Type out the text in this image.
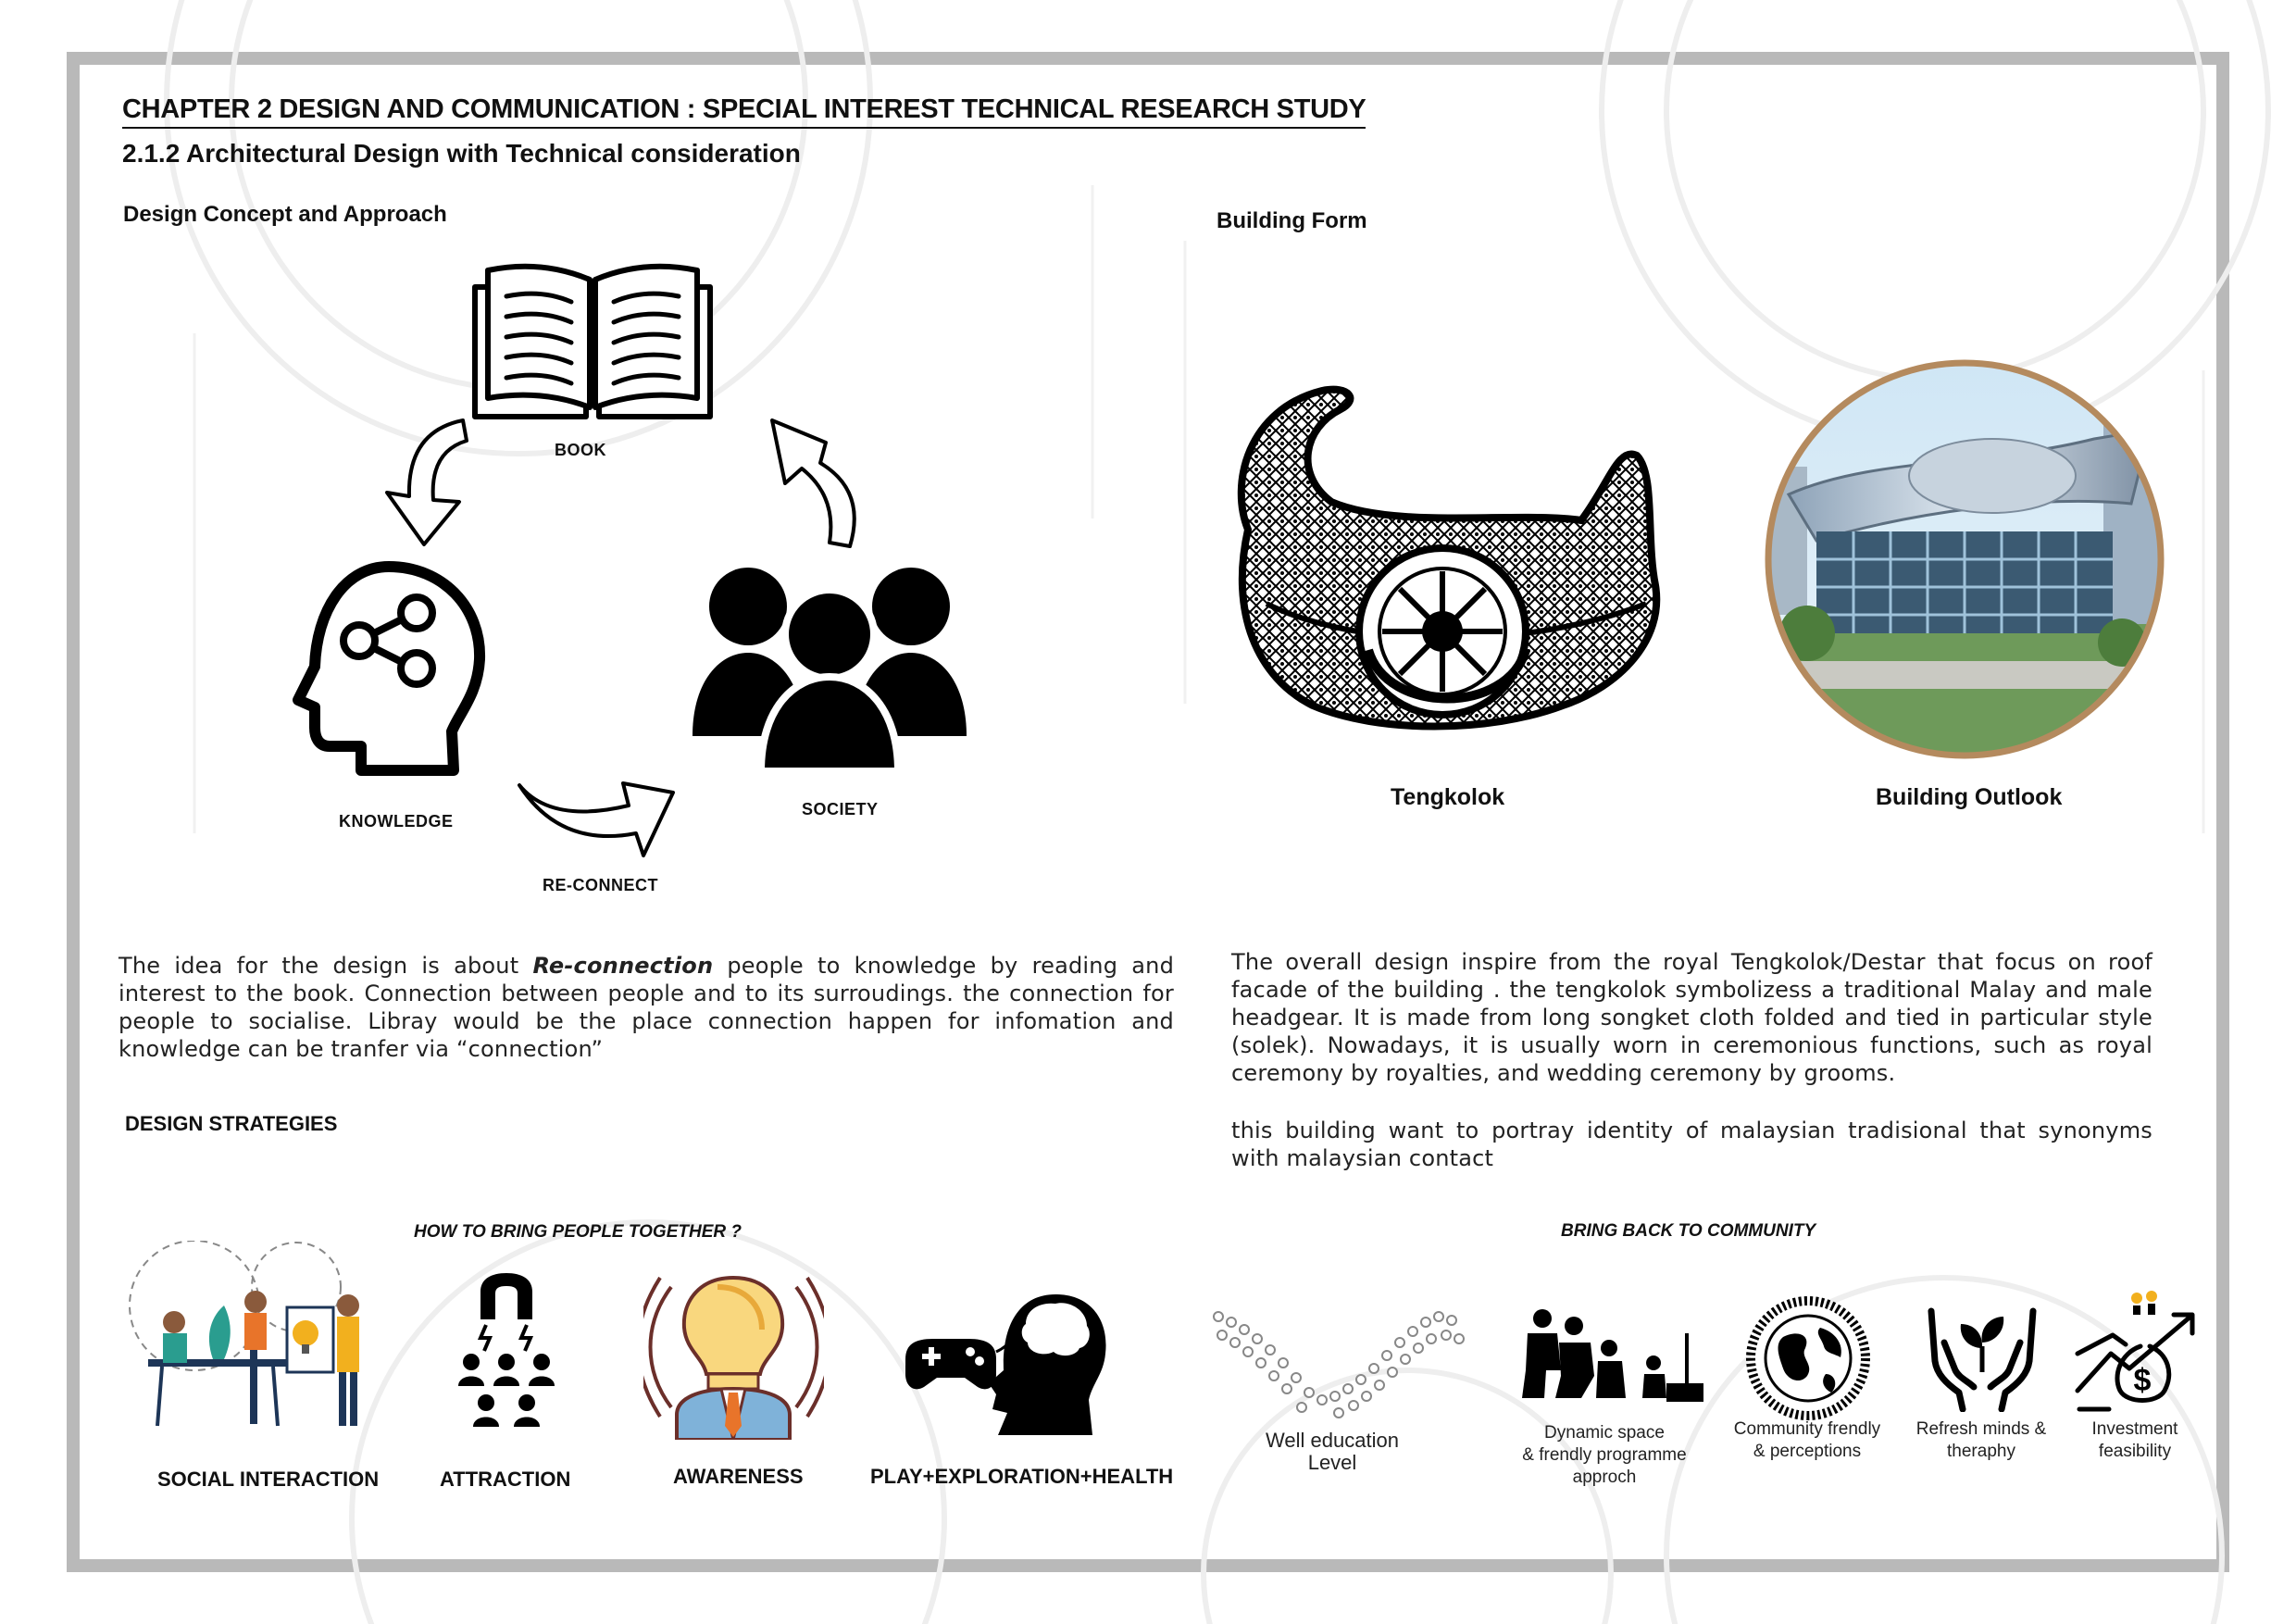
CHAPTER 2 DESIGN AND COMMUNICATION : SPECIAL INTEREST TECHNICAL RESEARCH STUDY
2.1.2 Architectural Design with Technical consideration
Design Concept and Approach
BOOK
KNOWLEDGE
SOCIETY
RE-CONNECT
The idea for the design is about Re-connection people to knowledge by reading and interest to the book. Connection between people and to its surroudings. the connection for people to socialise. Libray would be the place connection happen for infomation and knowledge can be tranfer via “connection”
Building Form
Tengkolok	Building Outlook
The overall design inspire from the royal Tengkolok/Destar that focus on roof facade of the building . the tengkolok symbolizess a traditional Malay and male headgear. It is made from long songket cloth folded and tied in particular style (solek). Nowadays, it is usually worn in ceremonious functions, such as royal ceremony by royalties, and wedding ceremony by grooms.
this building want to portray identity of malaysian tradisional that synonyms with malaysian contact
DESIGN STRATEGIES
HOW TO BRING PEOPLE TOGETHER ?
SOCIAL INTERACTION	ATTRACTION	AWARENESS	PLAY+EXPLORATION+HEALTH
BRING BACK TO COMMUNITY
Well education
Level
Dynamic space
& frendly programme
approch
Community frendly
& perceptions
Refresh minds &
theraphy
$
Investment
feasibility
